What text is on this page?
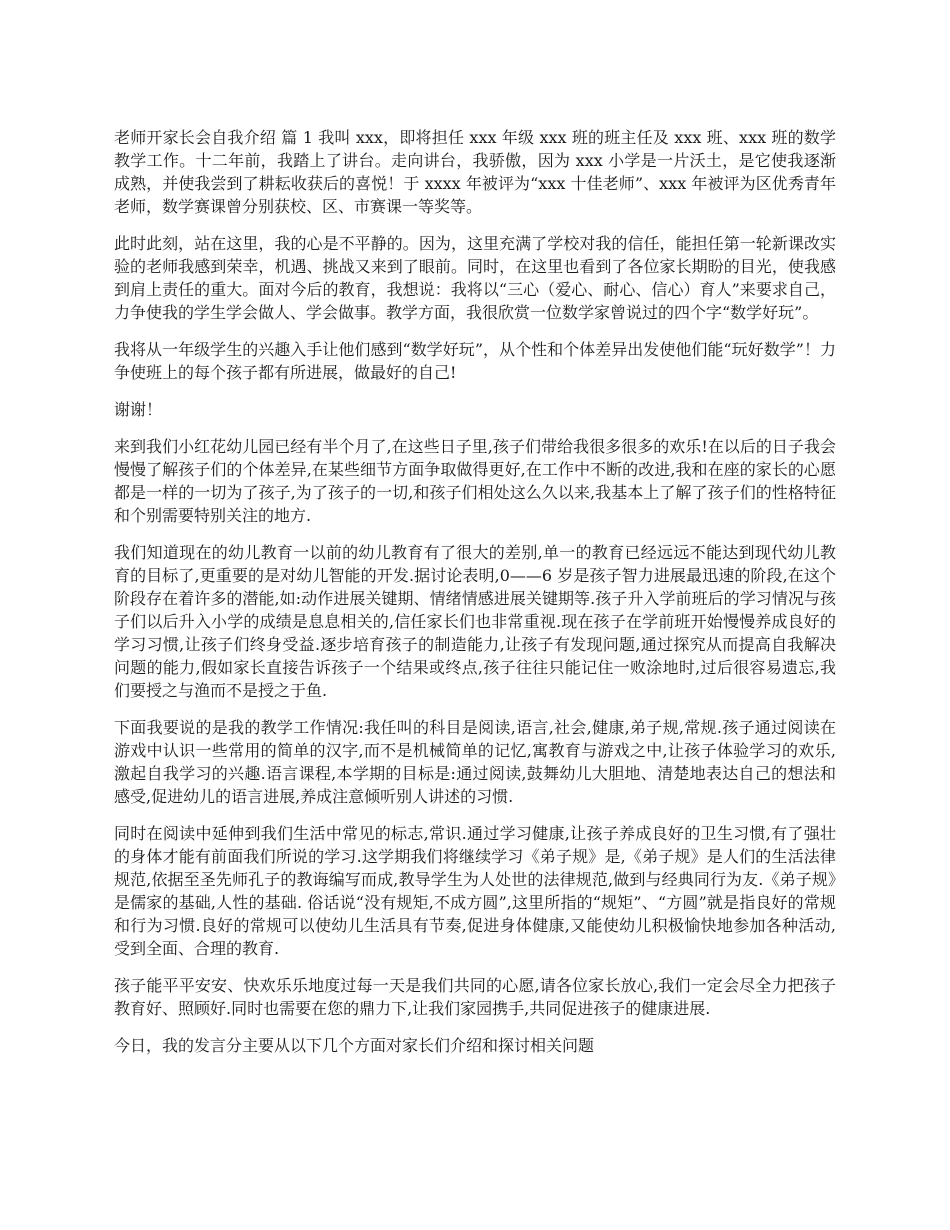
老师开家长会自我介绍 篇 1 我叫 xxx，即将担任 xxx 年级 xxx 班的班主任及 xxx 班、xxx 班的数学教学工作。十二年前，我踏上了讲台。走向讲台，我骄傲，因为 xxx 小学是一片沃土，是它使我逐渐成熟，并使我尝到了耕耘收获后的喜悦！于 xxxx 年被评为“xxx 十佳老师”、xxx 年被评为区优秀青年老师，数学赛课曾分别获校、区、市赛课一等奖等。

此时此刻，站在这里，我的心是不平静的。因为，这里充满了学校对我的信任，能担任第一轮新课改实验的老师我感到荣幸，机遇、挑战又来到了眼前。同时，在这里也看到了各位家长期盼的目光，使我感到肩上责任的重大。面对今后的教育，我想说：我将以“三心（爱心、耐心、信心）育人”来要求自己，力争使我的学生学会做人、学会做事。教学方面，我很欣赏一位数学家曾说过的四个字“数学好玩”。

我将从一年级学生的兴趣入手让他们感到“数学好玩”，从个性和个体差异出发使他们能“玩好数学”！力争使班上的每个孩子都有所进展，做最好的自己!

谢谢！

来到我们小红花幼儿园已经有半个月了,在这些日子里,孩子们带给我很多很多的欢乐!在以后的日子我会慢慢了解孩子们的个体差异,在某些细节方面争取做得更好,在工作中不断的改进,我和在座的家长的心愿都是一样的一切为了孩子,为了孩子的一切,和孩子们相处这么久以来,我基本上了解了孩子们的性格特征和个别需要特别关注的地方.

我们知道现在的幼儿教育一以前的幼儿教育有了很大的差别,单一的教育已经远远不能达到现代幼儿教育的目标了,更重要的是对幼儿智能的开发.据讨论表明,0——6 岁是孩子智力进展最迅速的阶段,在这个阶段存在着许多的潜能,如:动作进展关键期、情绪情感进展关键期等.孩子升入学前班后的学习情况与孩子们以后升入小学的成绩是息息相关的,信任家长们也非常重视.现在孩子在学前班开始慢慢养成良好的学习习惯,让孩子们终身受益.逐步培育孩子的制造能力,让孩子有发现问题,通过探究从而提高自我解决问题的能力,假如家长直接告诉孩子一个结果或终点,孩子往往只能记住一败涂地时,过后很容易遗忘,我们要授之与渔而不是授之于鱼.

下面我要说的是我的教学工作情况:我任叫的科目是阅读,语言,社会,健康,弟子规,常规.孩子通过阅读在游戏中认识一些常用的简单的汉字,而不是机械简单的记忆,寓教育与游戏之中,让孩子体验学习的欢乐,激起自我学习的兴趣.语言课程,本学期的目标是:通过阅读,鼓舞幼儿大胆地、清楚地表达自己的想法和感受,促进幼儿的语言进展,养成注意倾听别人讲述的习惯.

同时在阅读中延伸到我们生活中常见的标志,常识.通过学习健康,让孩子养成良好的卫生习惯,有了强壮的身体才能有前面我们所说的学习.这学期我们将继续学习《弟子规》是,《弟子规》是人们的生活法律规范,依据至圣先师孔子的教诲编写而成,教导学生为人处世的法律规范,做到与经典同行为友.《弟子规》是儒家的基础,人性的基础. 俗话说“没有规矩,不成方圆”,这里所指的“规矩”、“方圆”就是指良好的常规和行为习惯.良好的常规可以使幼儿生活具有节奏,促进身体健康,又能使幼儿积极愉快地参加各种活动,受到全面、合理的教育.

孩子能平平安安、快欢乐乐地度过每一天是我们共同的心愿,请各位家长放心,我们一定会尽全力把孩子教育好、照顾好.同时也需要在您的鼎力下,让我们家园携手,共同促进孩子的健康进展.

今日，我的发言分主要从以下几个方面对家长们介绍和探讨相关问题
